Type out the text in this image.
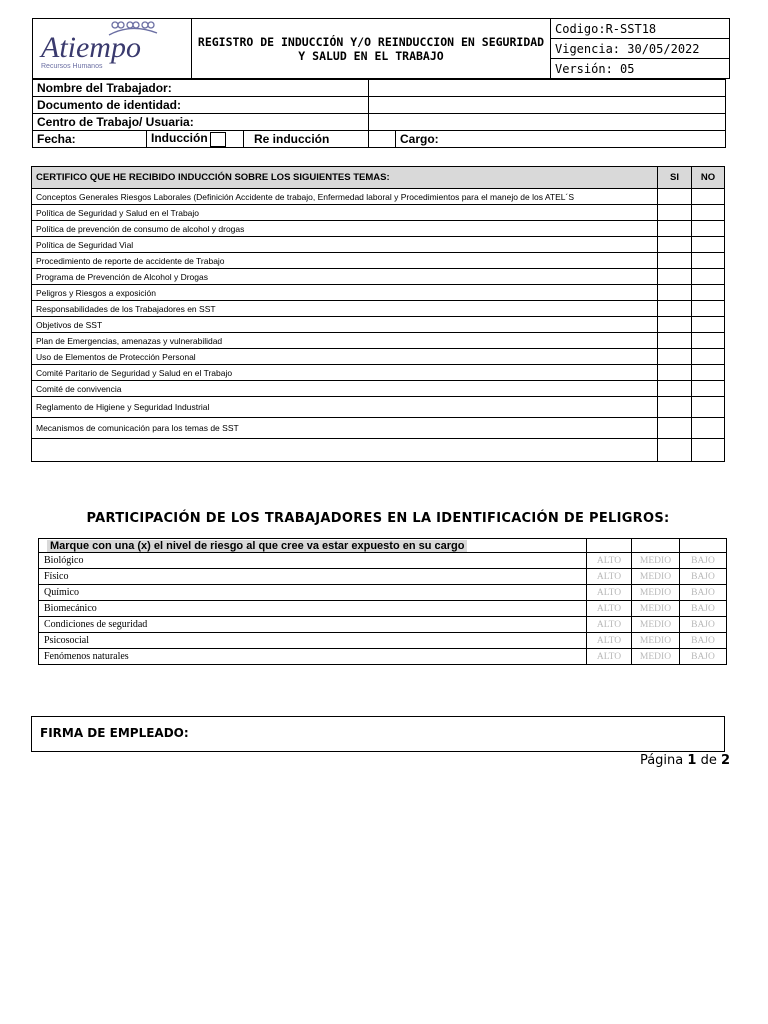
Atiempo
Recursos Humanos
	REGISTRO DE INDUCCIÓN Y/O REINDUCCION EN SEGURIDAD Y SALUD EN EL TRABAJO	Codigo:R-SST18
Vigencia: 30/05/2022
Versión: 05
Nombre del Trabajador:				
Documento de identidad:				
Centro de Trabajo/ Usuaria:				
Fecha:	Inducción	Re inducción		Cargo:
CERTIFICO QUE HE RECIBIDO INDUCCIÓN SOBRE LOS SIGUIENTES TEMAS:	SI	NO
Conceptos Generales Riesgos Laborales (Definición Accidente de trabajo, Enfermedad laboral y Procedimientos para el manejo de los ATEL´S		
Política de Seguridad y Salud en el Trabajo		
Política de prevención de consumo de alcohol y drogas		
Política de Seguridad Vial		
Procedimiento de reporte de accidente de Trabajo		
Programa de Prevención de Alcohol y Drogas		
Peligros y Riesgos a exposición		
Responsabilidades de los Trabajadores en SST		
Objetivos de SST		
Plan de Emergencias, amenazas y vulnerabilidad		
Uso de Elementos de Protección Personal		
Comité Paritario de Seguridad y Salud en el Trabajo		
Comité de convivencia		
Reglamento de Higiene y Seguridad Industrial		
Mecanismos de comunicación para los temas de SST		

PARTICIPACIÓN DE LOS TRABAJADORES EN LA IDENTIFICACIÓN DE PELIGROS:
Marque con una (x) el nivel de riesgo al que cree va estar expuesto en su cargo			
Biológico	ALTO	MEDIO	BAJO
Físico	ALTO	MEDIO	BAJO
Químico	ALTO	MEDIO	BAJO
Biomecánico	ALTO	MEDIO	BAJO
Condiciones de seguridad	ALTO	MEDIO	BAJO
Psicosocial	ALTO	MEDIO	BAJO
Fenómenos naturales	ALTO	MEDIO	BAJO
FIRMA DE EMPLEADO:
Página 1 de 2
